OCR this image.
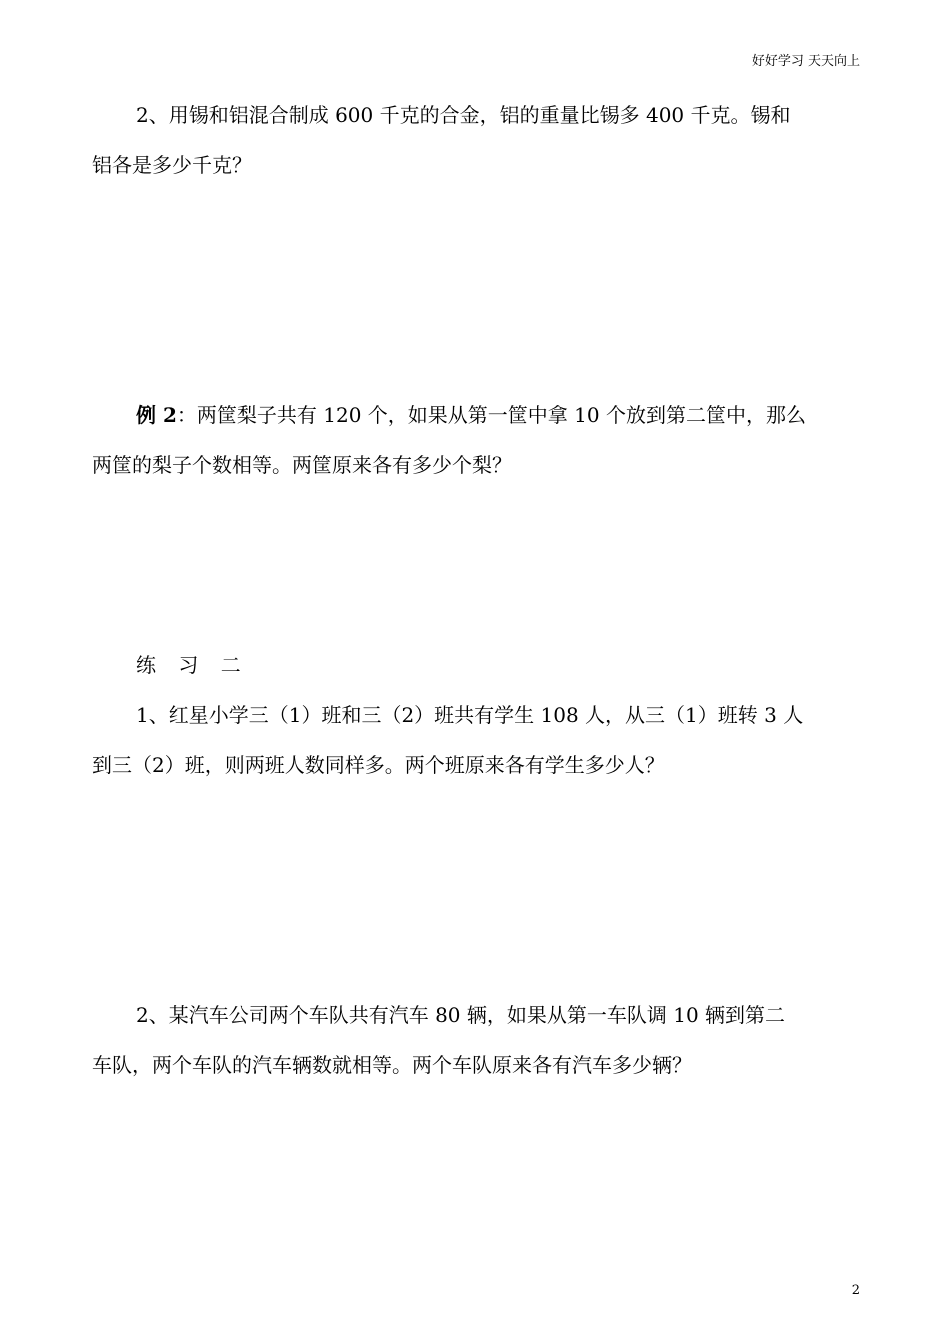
好好学习 天天向上
2、用锡和铝混合制成 600 千克的合金，铝的重量比锡多 400 千克。锡和
铝各是多少千克？
例 2：两筐梨子共有 120 个，如果从第一筐中拿 10 个放到第二筐中，那么
两筐的梨子个数相等。两筐原来各有多少个梨？
练 习 二
1、红星小学三（1）班和三（2）班共有学生 108 人，从三（1）班转 3 人
到三（2）班，则两班人数同样多。两个班原来各有学生多少人？
2、某汽车公司两个车队共有汽车 80 辆，如果从第一车队调 10 辆到第二
车队，两个车队的汽车辆数就相等。两个车队原来各有汽车多少辆？
2
